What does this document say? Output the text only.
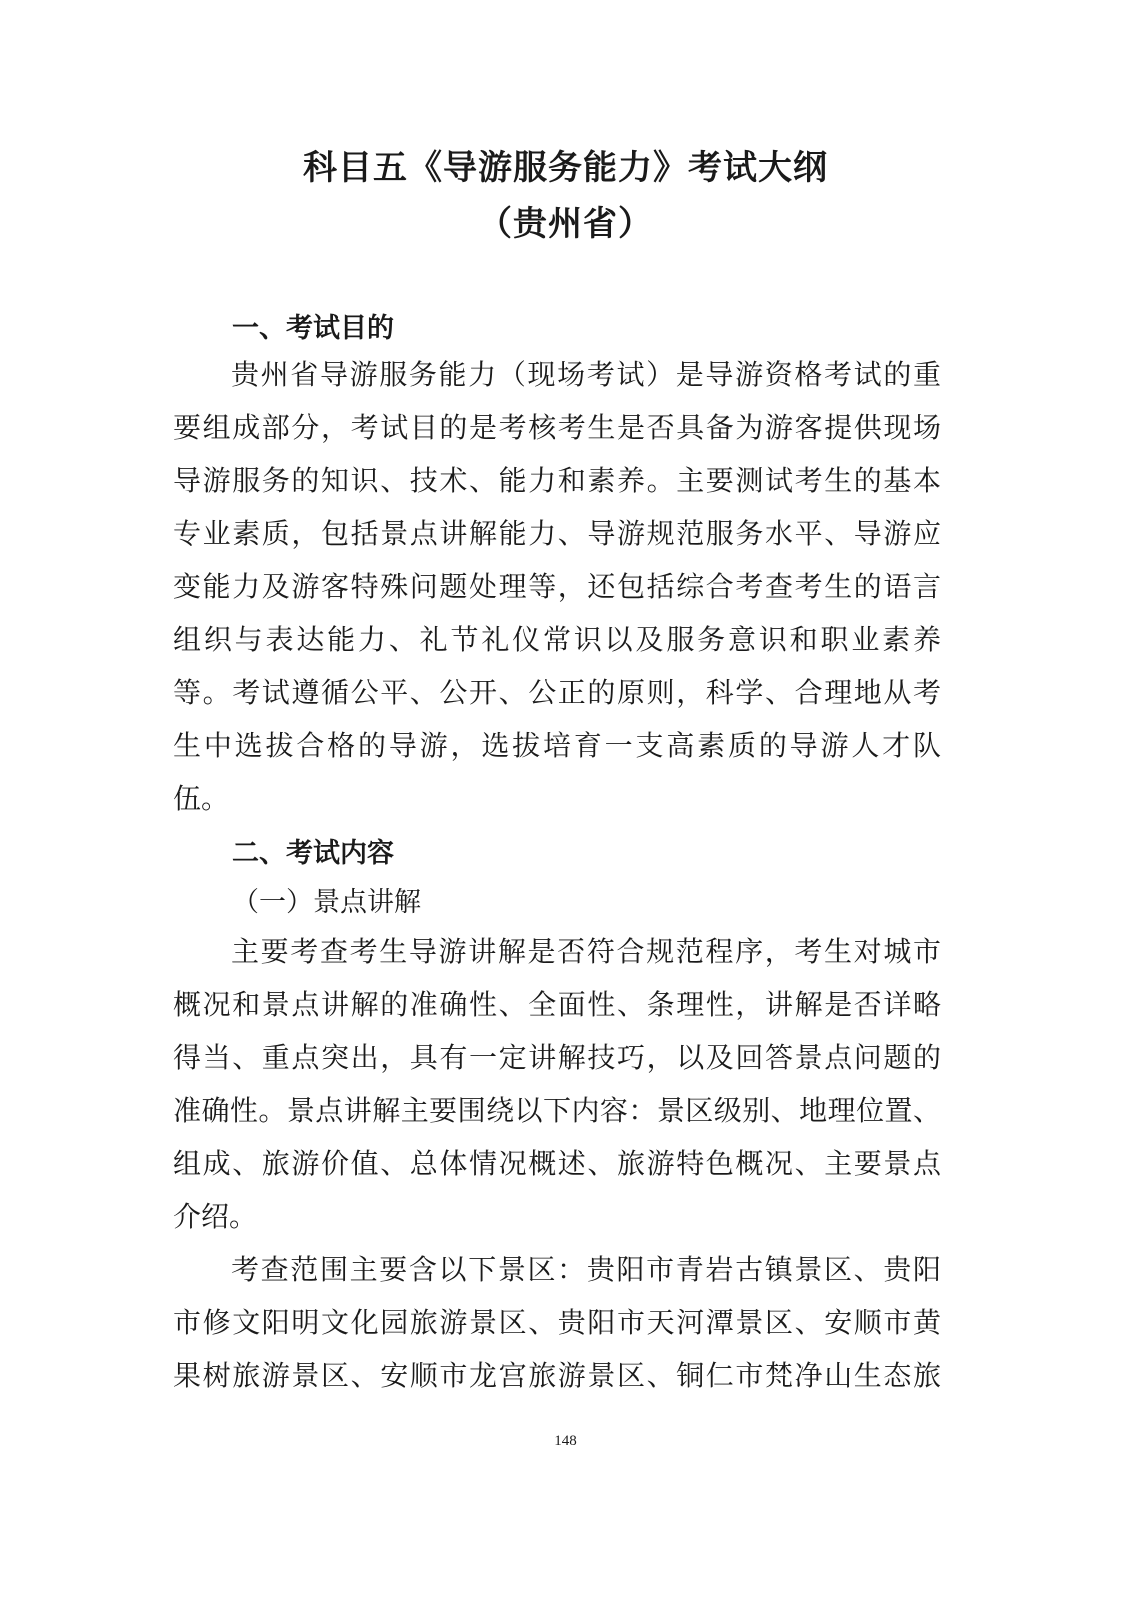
科目五《导游服务能力》考试大纲
（贵州省）
一、考试目的

贵州省导游服务能力（现场考试）是导游资格考试的重

要组成部分，考试目的是考核考生是否具备为游客提供现场

导游服务的知识、技术、能力和素养。主要测试考生的基本

专业素质，包括景点讲解能力、导游规范服务水平、导游应

变能力及游客特殊问题处理等，还包括综合考查考生的语言

组织与表达能力、礼节礼仪常识以及服务意识和职业素养

等。考试遵循公平、公开、公正的原则，科学、合理地从考

生中选拔合格的导游，选拔培育一支高素质的导游人才队

伍。

二、考试内容

（一）景点讲解

主要考查考生导游讲解是否符合规范程序，考生对城市

概况和景点讲解的准确性、全面性、条理性，讲解是否详略

得当、重点突出，具有一定讲解技巧，以及回答景点问题的

准确性。景点讲解主要围绕以下内容：景区级别、地理位置、

组成、旅游价值、总体情况概述、旅游特色概况、主要景点

介绍。

考查范围主要含以下景区：贵阳市青岩古镇景区、贵阳

市修文阳明文化园旅游景区、贵阳市天河潭景区、安顺市黄

果树旅游景区、安顺市龙宫旅游景区、铜仁市梵净山生态旅

148
